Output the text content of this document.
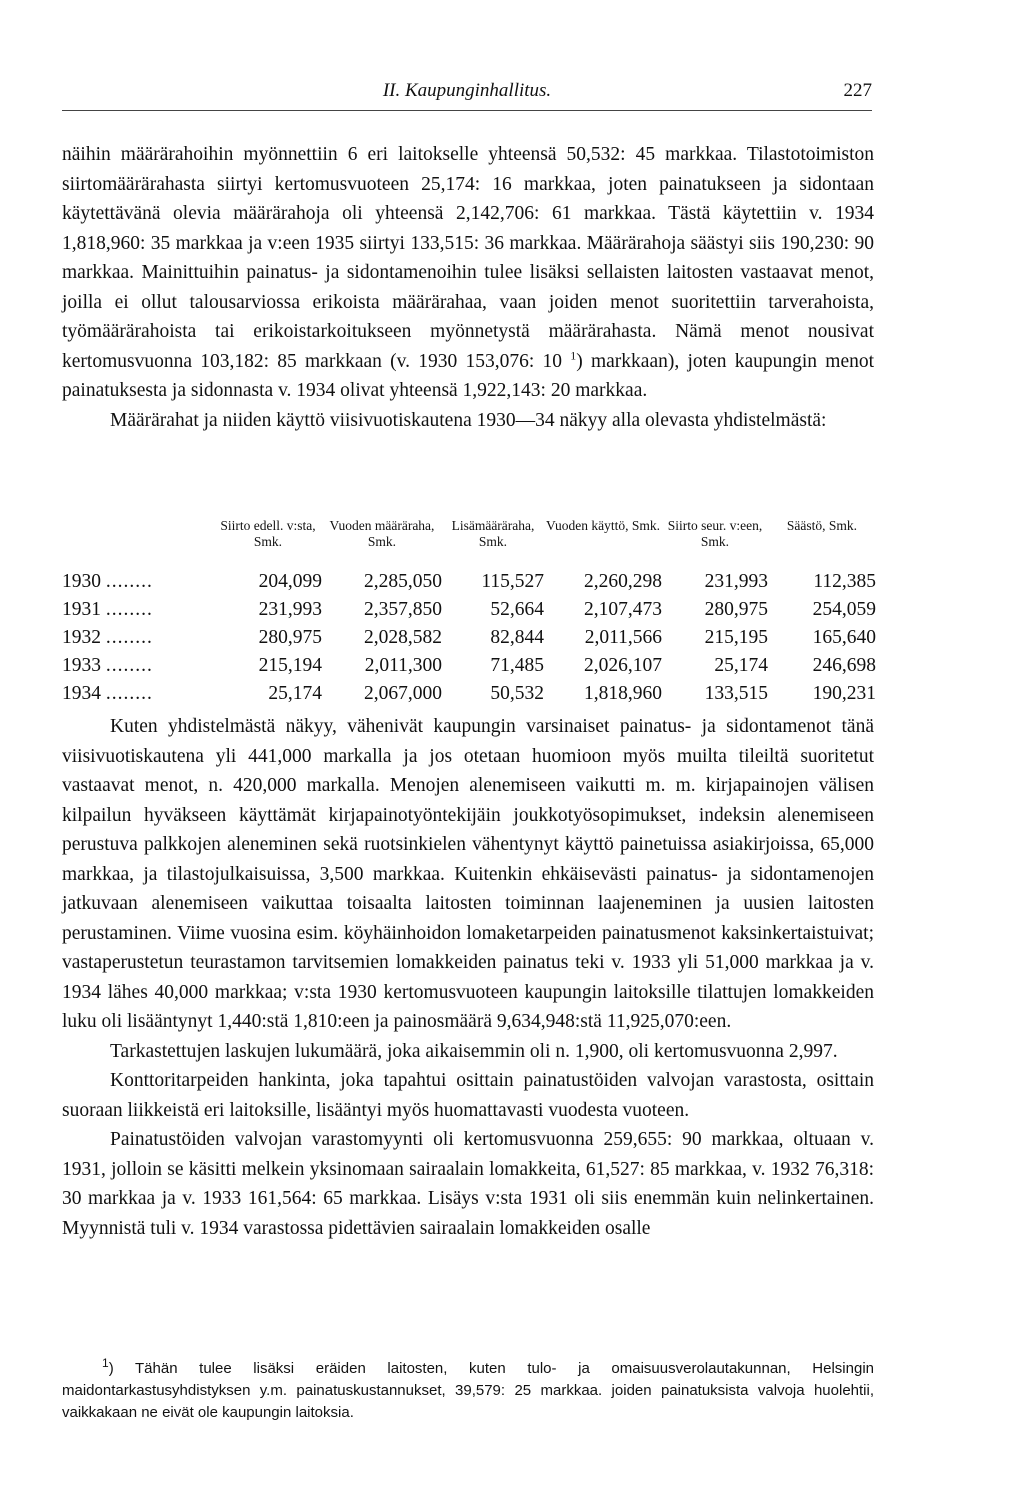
II. Kaupunginhallitus.	227

näihin määrärahoihin myönnettiin 6 eri laitokselle yhteensä 50,532: 45 markkaa. Tilastotoimiston siirtomäärärahasta siirtyi kertomusvuoteen 25,174: 16 markkaa, joten painatukseen ja sidontaan käytettävänä olevia määrärahoja oli yhteensä 2,142,706: 61 markkaa. Tästä käytettiin v. 1934 1,818,960: 35 markkaa ja v:een 1935 siirtyi 133,515: 36 markkaa. Määrärahoja säästyi siis 190,230: 90 markkaa. Mainittuihin painatus- ja sidontamenoihin tulee lisäksi sellaisten laitosten vastaavat menot, joilla ei ollut talousarviossa erikoista määrärahaa, vaan joiden menot suoritettiin tarverahoista, työmäärärahoista tai erikoistarkoitukseen myönnetystä määrärahasta. Nämä menot nousivat kertomusvuonna 103,182: 85 markkaan (v. 1930 153,076: 10 $^1$) markkaan), joten kaupungin menot painatuksesta ja sidonnasta v. 1934 olivat yhteensä 1,922,143: 20 markkaa.

Määrärahat ja niiden käyttö viisivuotiskautena 1930—34 näkyy alla olevasta yhdistelmästä:

	Siirto edell. v:sta, Smk.	Vuoden määräraha, Smk.	Lisämääräraha, Smk.	Vuoden käyttö, Smk.	Siirto seur. v:een, Smk.	Säästö, Smk.
1930 ........	204,099	2,285,050	115,527	2,260,298	231,993	112,385
1931 ........	231,993	2,357,850	52,664	2,107,473	280,975	254,059
1932 ........	280,975	2,028,582	82,844	2,011,566	215,195	165,640
1933 ........	215,194	2,011,300	71,485	2,026,107	25,174	246,698
1934 ........	25,174	2,067,000	50,532	1,818,960	133,515	190,231

Kuten yhdistelmästä näkyy, vähenivät kaupungin varsinaiset painatus- ja sidontamenot tänä viisivuotiskautena yli 441,000 markalla ja jos otetaan huomioon myös muilta tileiltä suoritetut vastaavat menot, n. 420,000 markalla. Menojen alenemiseen vaikutti m. m. kirjapainojen välisen kilpailun hyväkseen käyttämät kirjapainotyöntekijäin joukkotyösopimukset, indeksin alenemiseen perustuva palkkojen aleneminen sekä ruotsinkielen vähentynyt käyttö painetuissa asiakirjoissa, 65,000 markkaa, ja tilastojulkaisuissa, 3,500 markkaa. Kuitenkin ehkäisevästi painatus- ja sidontamenojen jatkuvaan alenemiseen vaikuttaa toisaalta laitosten toiminnan laajeneminen ja uusien laitosten perustaminen. Viime vuosina esim. köyhäinhoidon lomaketarpeiden painatusmenot kaksinkertaistuivat; vastaperustetun teurastamon tarvitsemien lomakkeiden painatus teki v. 1933 yli 51,000 markkaa ja v. 1934 lähes 40,000 markkaa; v:sta 1930 kertomusvuoteen kaupungin laitoksille tilattujen lomakkeiden luku oli lisääntynyt 1,440:stä 1,810:een ja painosmäärä 9,634,948:stä 11,925,070:een.

Tarkastettujen laskujen lukumäärä, joka aikaisemmin oli n. 1,900, oli kertomusvuonna 2,997.

Konttoritarpeiden hankinta, joka tapahtui osittain painatustöiden valvojan varastosta, osittain suoraan liikkeistä eri laitoksille, lisääntyi myös huomattavasti vuodesta vuoteen.

Painatustöiden valvojan varastomyynti oli kertomusvuonna 259,655: 90 markkaa, oltuaan v. 1931, jolloin se käsitti melkein yksinomaan sairaalain lomakkeita, 61,527: 85 markkaa, v. 1932 76,318: 30 markkaa ja v. 1933 161,564: 65 markkaa. Lisäys v:sta 1931 oli siis enemmän kuin nelinkertainen. Myynnistä tuli v. 1934 varastossa pidettävien sairaalain lomakkeiden osalle

$^1$) Tähän tulee lisäksi eräiden laitosten, kuten tulo- ja omaisuusverolautakunnan, Helsingin maidontarkastusyhdistyksen y.m. painatuskustannukset, 39,579: 25 markkaa. joiden painatuksista valvoja huolehtii, vaikkakaan ne eivät ole kaupungin laitoksia.
